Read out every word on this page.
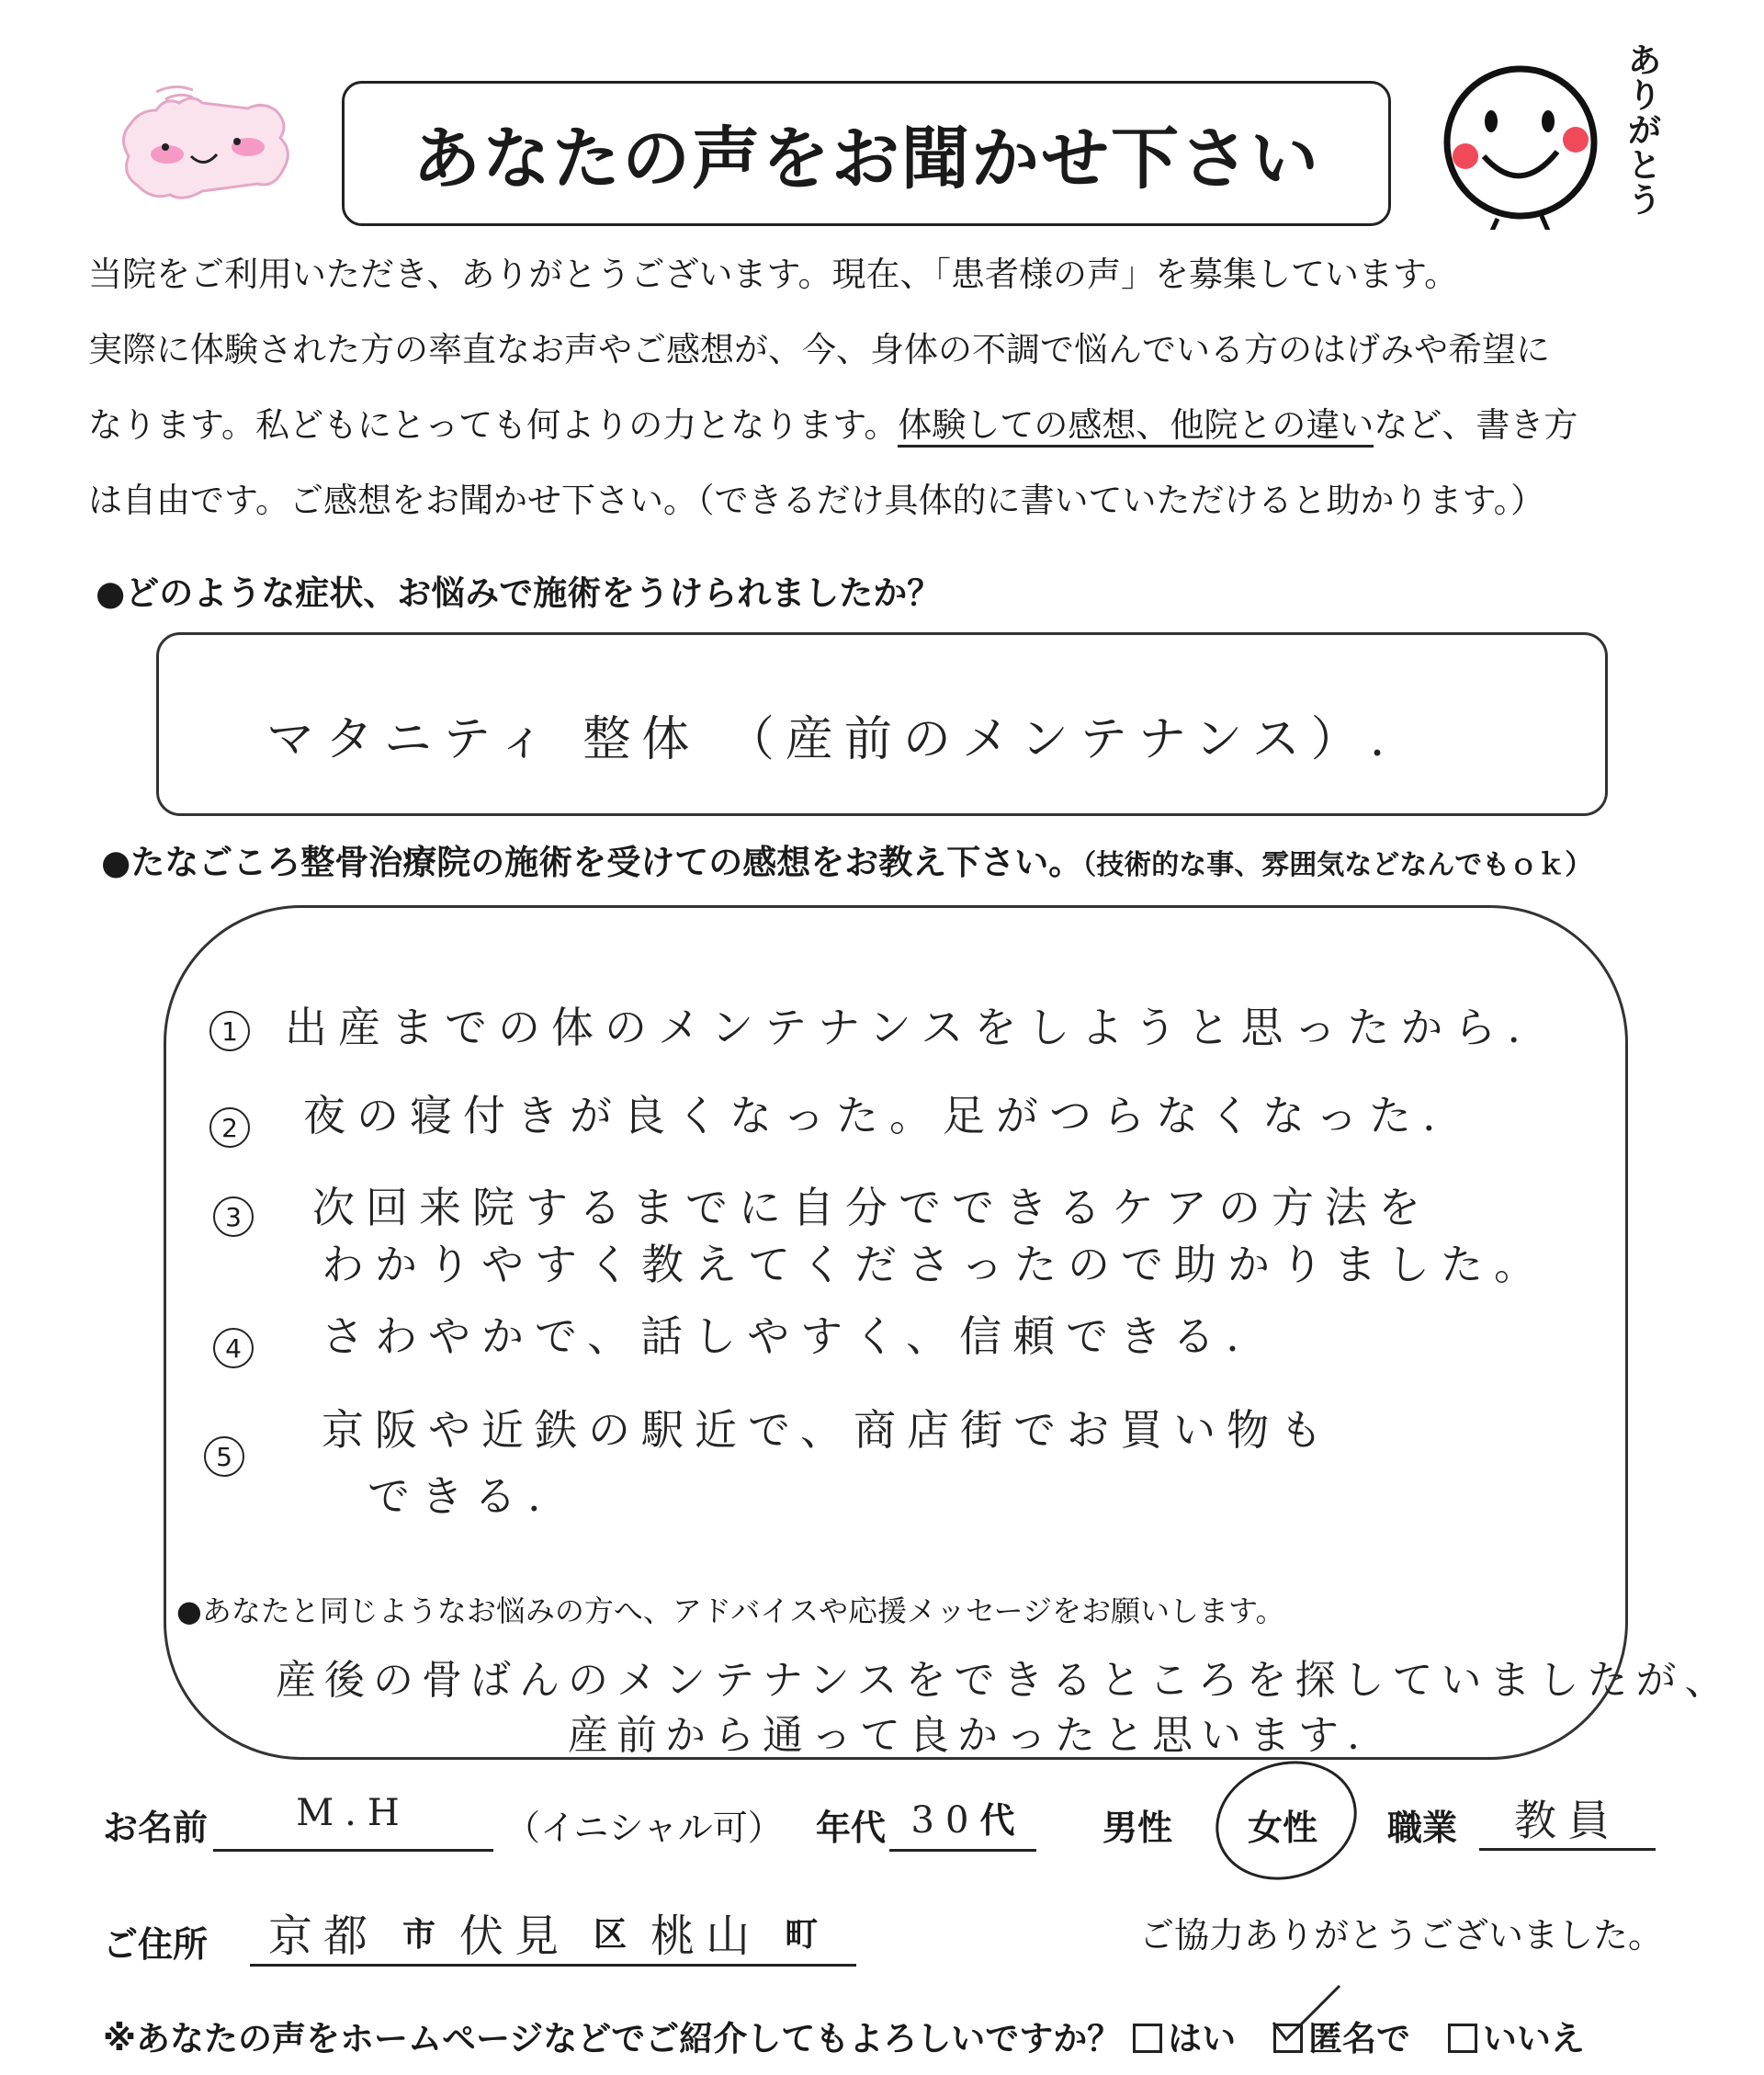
あなたの声をお聞かせ下さい
あ
り
が
と
う
当院をご利用いただき、ありがとうございます。現在、「患者様の声」を募集しています。
実際に体験された方の率直なお声やご感想が、今、身体の不調で悩んでいる方のはげみや希望に
なります。私どもにとっても何よりの力となります。体験しての感想、他院との違いなど、書き方
は自由です。ご感想をお聞かせ下さい。（できるだけ具体的に書いていただけると助かります。）
●どのような症状、お悩みで施術をうけられましたか？
マタニティ 整体 （産前のメンテナンス）.
●たなごころ整骨治療院の施術を受けての感想をお教え下さい。（技術的な事、雰囲気などなんでもｏｋ）
1 出産までの体のメンテナンスをしようと思ったから.
2 夜の寝付きが良くなった。足がつらなくなった.
3 次回来院するまでに自分でできるケアの方法を
わかりやすく教えてくださったので助かりました。
4 さわやかで、話しやすく、信頼できる.
5
京阪や近鉄の駅近で、商店街でお買い物も
できる.
●あなたと同じようなお悩みの方へ、アドバイスや応援メッセージをお願いします。
産後の骨ばんのメンテナンスをできるところを探していましたが、
産前から通って良かったと思います.
お名前	M.H	（イニシャル可） 年代 30代	男性 女性 職業	教員
ご住所 京都 市 伏見 区 桃山 町	ご協力ありがとうございました。
※あなたの声をホームページなどでご紹介してもよろしいですか？ はい 匿名で いいえ
